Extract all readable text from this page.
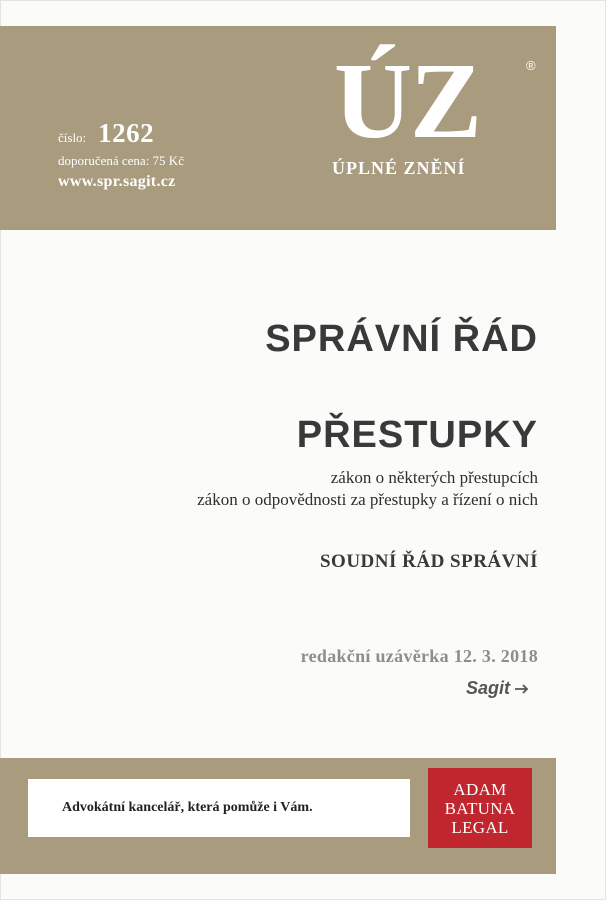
číslo: 1262
doporučená cena: 75 Kč
www.spr.sagit.cz
ÚZ	®
ÚPLNÉ ZNĚNÍ
SPRÁVNÍ ŘÁD
PŘESTUPKY
zákon o některých přestupcích
zákon o odpovědnosti za přestupky a řízení o nich
SOUDNÍ ŘÁD SPRÁVNÍ
redakční uzávěrka 12. 3. 2018
Sagit
Advokátní kancelář, která pomůže i Vám.
ADAM
BATUNA
LEGAL
